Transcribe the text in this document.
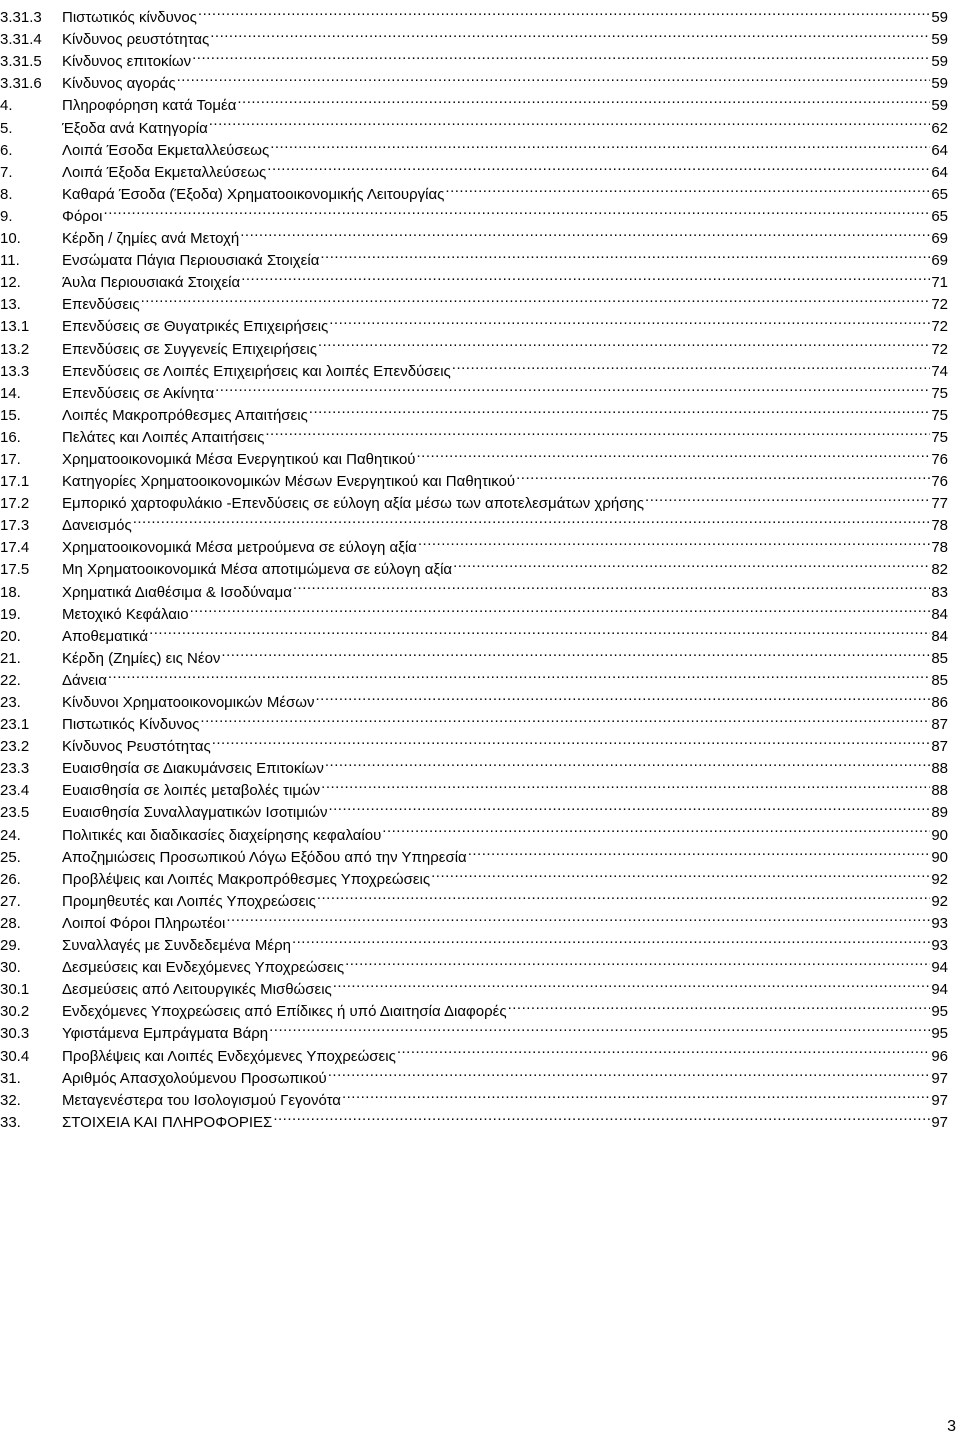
3.31.3	Πιστωτικός κίνδυνος .....	59
3.31.4	Κίνδυνος ρευστότητας .....	59
3.31.5	Κίνδυνος επιτοκίων .....	59
3.31.6	Κίνδυνος αγοράς .....	59
4.	Πληροφόρηση κατά Τομέα .....	59
5.	Έξοδα ανά Κατηγορία .....	62
6.	Λοιπά Έσοδα Εκμεταλλεύσεως .....	64
7.	Λοιπά Έξοδα Εκμεταλλεύσεως .....	64
8.	Καθαρά Έσοδα (Έξοδα) Χρηματοοικονομικής Λειτουργίας .....	65
9.	Φόροι .....	65
10.	Κέρδη / ζημίες ανά Μετοχή .....	69
11.	Ενσώματα Πάγια Περιουσιακά Στοιχεία .....	69
12.	Άυλα Περιουσιακά Στοιχεία .....	71
13.	Επενδύσεις .....	72
13.1	Επενδύσεις σε Θυγατρικές Επιχειρήσεις .....	72
13.2	Επενδύσεις σε Συγγενείς Επιχειρήσεις .....	72
13.3	Επενδύσεις σε Λοιπές Επιχειρήσεις και λοιπές Επενδύσεις .....	74
14.	Επενδύσεις σε Ακίνητα .....	75
15.	Λοιπές Μακροπρόθεσμες Απαιτήσεις .....	75
16.	Πελάτες και Λοιπές Απαιτήσεις .....	75
17.	Χρηματοοικονομικά Μέσα Ενεργητικού και Παθητικού .....	76
17.1	Κατηγορίες Χρηματοοικονομικών Μέσων Ενεργητικού και Παθητικού .....	76
17.2	Εμπορικό χαρτοφυλάκιο -Επενδύσεις σε εύλογη αξία μέσω των αποτελεσμάτων χρήσης .....	77
17.3	Δανεισμός .....	78
17.4	Χρηματοοικονομικά Μέσα μετρούμενα σε εύλογη αξία .....	78
17.5	Μη Χρηματοοικονομικά Μέσα αποτιμώμενα σε εύλογη αξία .....	82
18.	Χρηματικά Διαθέσιμα & Ισοδύναμα .....	83
19.	Μετοχικό Κεφάλαιο .....	84
20.	Αποθεματικά .....	84
21.	Κέρδη (Ζημίες) εις Νέον .....	85
22.	Δάνεια .....	85
23.	Κίνδυνοι Χρηματοοικονομικών Μέσων .....	86
23.1	Πιστωτικός Κίνδυνος .....	87
23.2	Κίνδυνος Ρευστότητας .....	87
23.3	Ευαισθησία σε Διακυμάνσεις Επιτοκίων .....	88
23.4	Ευαισθησία σε λοιπές μεταβολές τιμών .....	88
23.5	Ευαισθησία Συναλλαγματικών Ισοτιμιών .....	89
24.	Πολιτικές και διαδικασίες διαχείρησης κεφαλαίου .....	90
25.	Αποζημιώσεις Προσωπικού Λόγω Εξόδου από την Υπηρεσία .....	90
26.	Προβλέψεις και Λοιπές Μακροπρόθεσμες Υποχρεώσεις .....	92
27.	Προμηθευτές και Λοιπές Υποχρεώσεις .....	92
28.	Λοιποί Φόροι Πληρωτέοι .....	93
29.	Συναλλαγές με Συνδεδεμένα Μέρη .....	93
30.	Δεσμεύσεις και Ενδεχόμενες Υποχρεώσεις .....	94
30.1	Δεσμεύσεις από Λειτουργικές Μισθώσεις .....	94
30.2	Ενδεχόμενες Υποχρεώσεις από Επίδικες ή υπό Διαιτησία Διαφορές .....	95
30.3	Υφιστάμενα Εμπράγματα Βάρη .....	95
30.4	Προβλέψεις και Λοιπές Ενδεχόμενες Υποχρεώσεις .....	96
31.	Αριθμός Απασχολούμενου Προσωπικού .....	97
32.	Μεταγενέστερα του Ισολογισμού Γεγονότα .....	97
33.	ΣΤΟΙΧΕΙΑ ΚΑΙ ΠΛΗΡΟΦΟΡΙΕΣ .....	97
3
